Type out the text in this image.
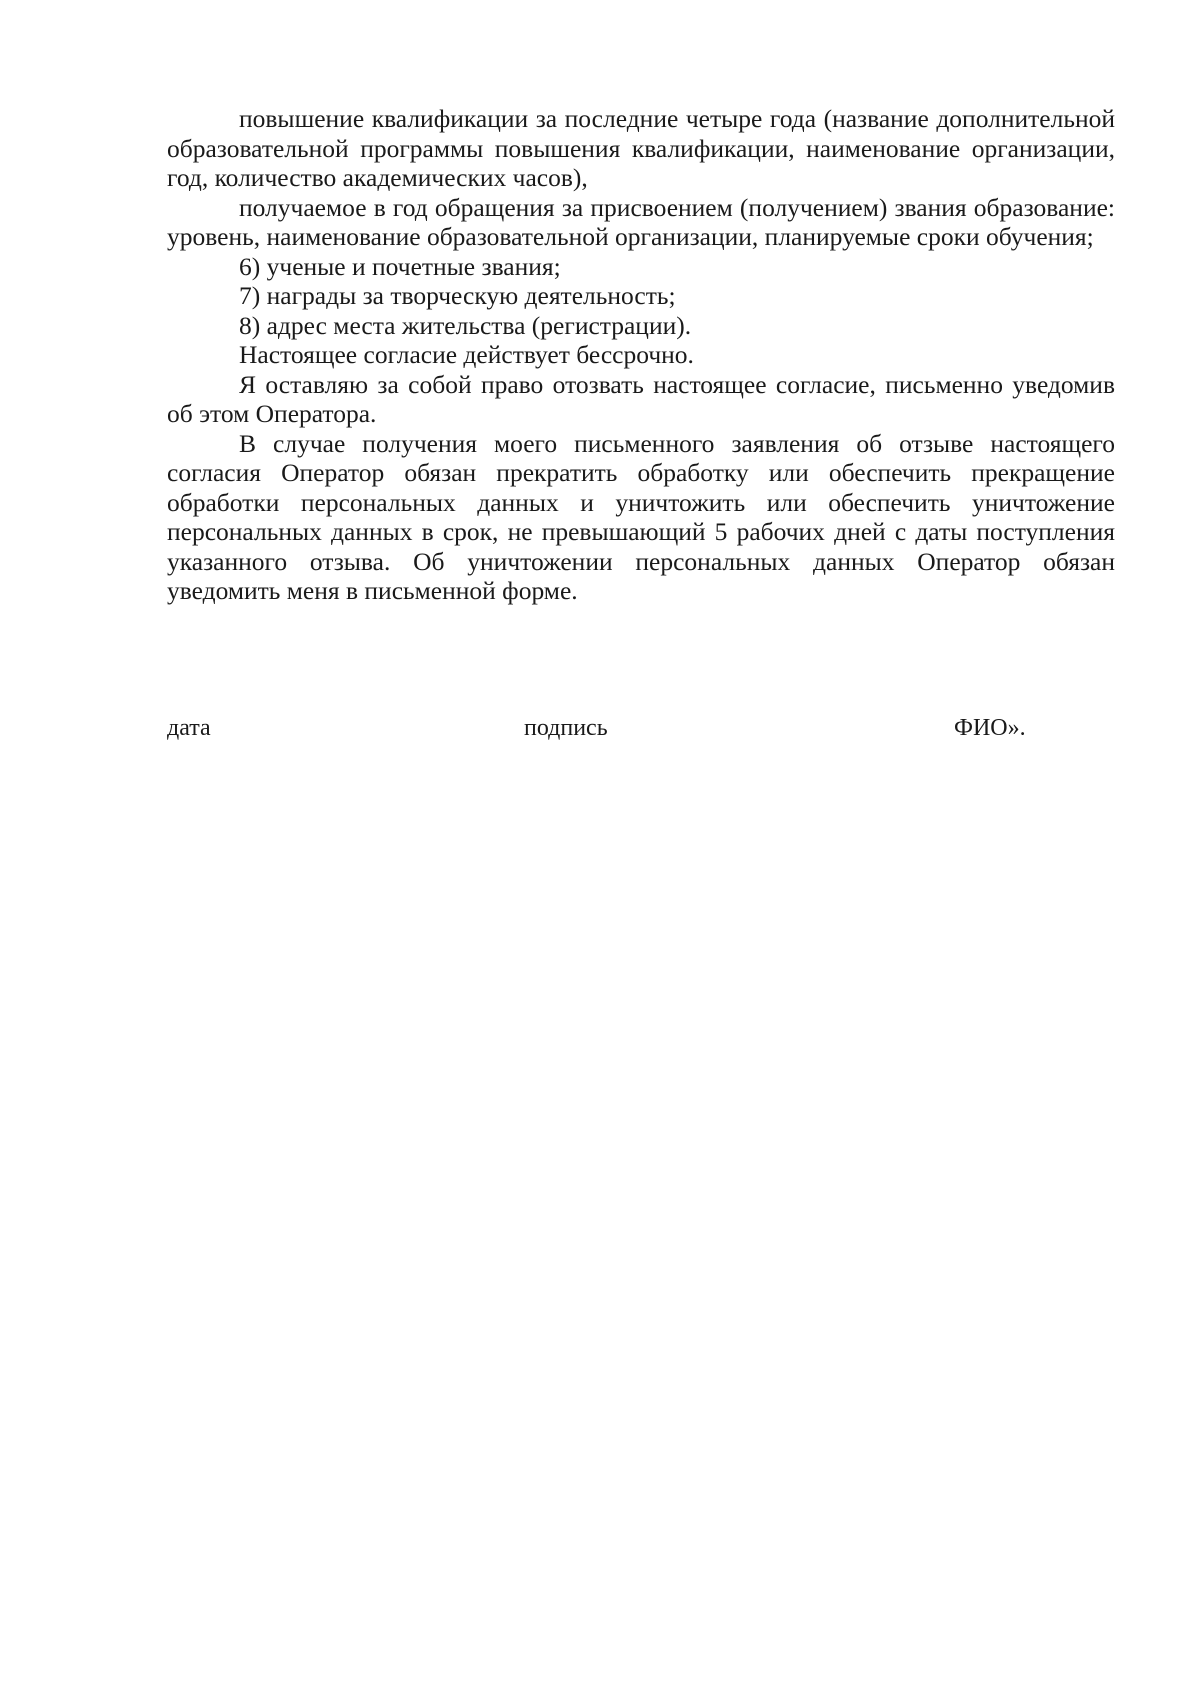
повышение квалификации за последние четыре года (название дополнительной образовательной программы повышения квалификации, наименование организации, год, количество академических часов),

получаемое в год обращения за присвоением (получением) звания образование: уровень, наименование образовательной организации, планируемые сроки обучения;

6) ученые и почетные звания;

7) награды за творческую деятельность;

8) адрес места жительства (регистрации).

Настоящее согласие действует бессрочно.

Я оставляю за собой право отозвать настоящее согласие, письменно уведомив об этом Оператора.

В случае получения моего письменного заявления об отзыве настоящего согласия Оператор обязан прекратить обработку или обеспечить прекращение обработки персональных данных и уничтожить или обеспечить уничтожение персональных данных в срок, не превышающий 5 рабочих дней с даты поступления указанного отзыва. Об уничтожении персональных данных Оператор обязан уведомить меня в письменной форме.

дата	подпись	ФИО».
